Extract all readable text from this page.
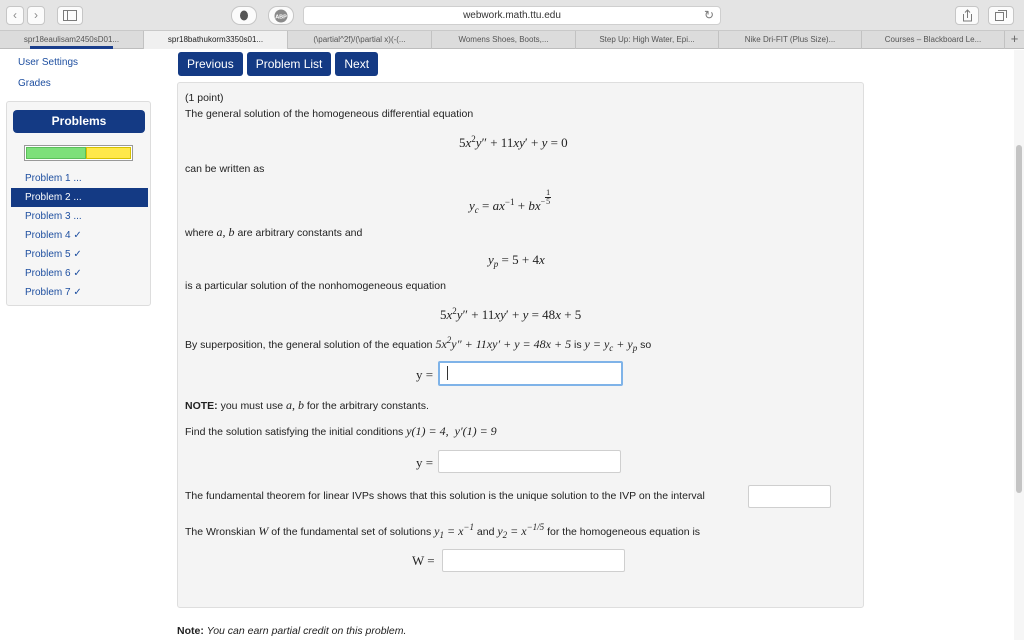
‹	›	ABP	webwork.math.ttu.edu	↻
spr18eaulisam2450sD01...	spr18bathukorm3350s01...	(\partial^2f)/(\partial x)(-(...	Womens Shoes, Boots,...	Step Up: High Water, Epi...	Nike Dri-FIT (Plus Size)...	Courses – Blackboard Le...	+
User Settings
Grades
Problems
Problem 1 ...
Problem 2 ...
Problem 3 ...
Problem 4 ✓
Problem 5 ✓
Problem 6 ✓
Problem 7 ✓
Previous	Problem List	Next
(1 point)
The general solution of the homogeneous differential equation
$5x^2y'' + 11xy' + y = 0$
can be written as
$y_c = ax^{-1} + bx- \frac{1}{5}$
where a, b are arbitrary constants and
$y_p = 5 + 4x$
is a particular solution of the nonhomogeneous equation
$5x^2y'' + 11xy' + y = 48x + 5$
By superposition, the general solution of the equation $5x^2y'' + 11xy' + y = 48x + 5$ is $y = y_c + y_p$ so
y =
NOTE: you must use a, b for the arbitrary constants.
Find the solution satisfying the initial conditions y(1) = 4,  y′(1) = 9
y =
The fundamental theorem for linear IVPs shows that this solution is the unique solution to the IVP on the interval
The Wronskian W of the fundamental set of solutions $y_1 = x^{-1}$ and $y_2 = x^{-1/5}$ for the homogeneous equation is
W =
Note: You can earn partial credit on this problem.
